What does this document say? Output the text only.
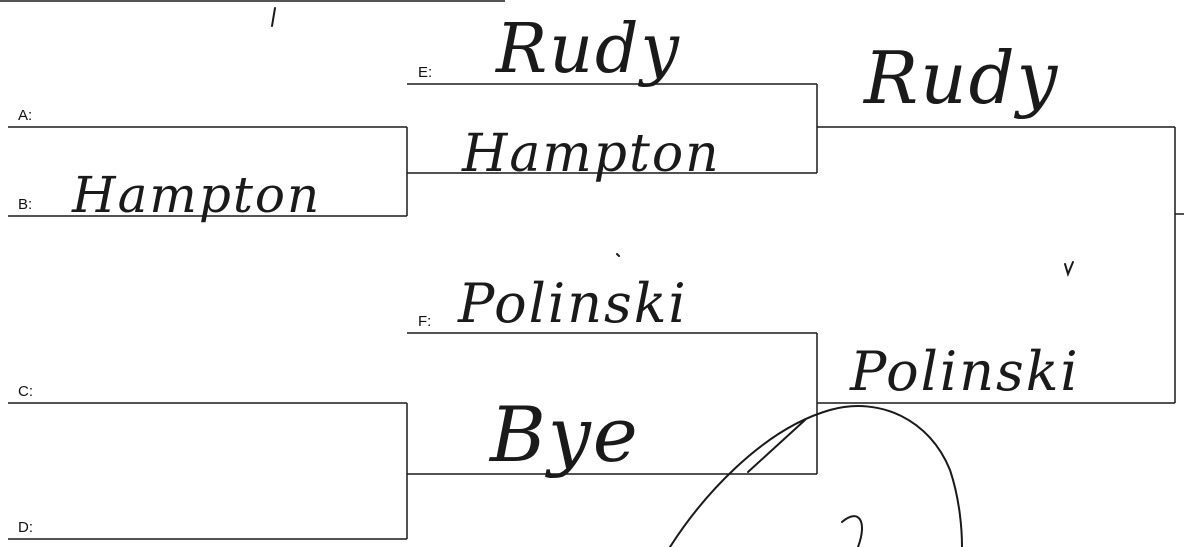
A:
B:
C:
D:
E:
F:
Hampton
Rudy
Hampton
Polinski
Bye
Rudy
Polinski
